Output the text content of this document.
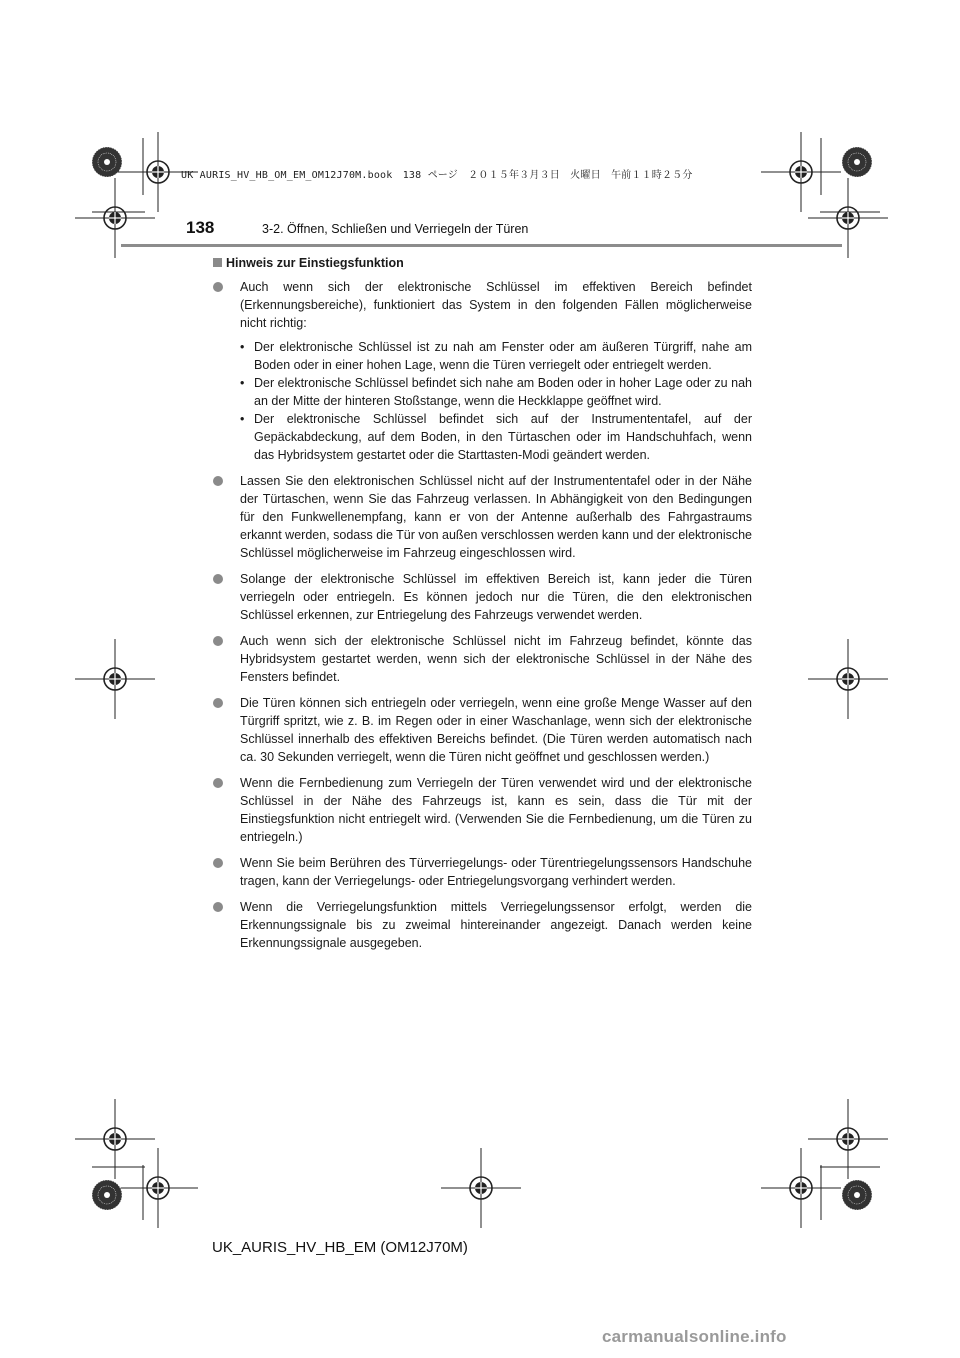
UK AURIS_HV_HB_OM_EM_OM12J70M.book　138 ページ　２０１５年３月３日　火曜日　午前１１時２５分
138	3-2. Öffnen, Schließen und Verriegeln der Türen
Hinweis zur Einstiegsfunktion
Auch wenn sich der elektronische Schlüssel im effektiven Bereich befindet (Erkennungsbereiche), funktioniert das System in den folgenden Fällen möglicherweise nicht richtig:
• Der elektronische Schlüssel ist zu nah am Fenster oder am äußeren Türgriff, nahe am Boden oder in einer hohen Lage, wenn die Türen verriegelt oder entriegelt werden.
• Der elektronische Schlüssel befindet sich nahe am Boden oder in hoher Lage oder zu nah an der Mitte der hinteren Stoßstange, wenn die Heckklappe geöffnet wird.
• Der elektronische Schlüssel befindet sich auf der Instrumententafel, auf der Gepäckabdeckung, auf dem Boden, in den Türtaschen oder im Handschuhfach, wenn das Hybridsystem gestartet oder die Starttasten-Modi geändert werden.
Lassen Sie den elektronischen Schlüssel nicht auf der Instrumententafel oder in der Nähe der Türtaschen, wenn Sie das Fahrzeug verlassen. In Abhängigkeit von den Bedingungen für den Funkwellenempfang, kann er von der Antenne außerhalb des Fahrgastraums erkannt werden, sodass die Tür von außen verschlossen werden kann und der elektronische Schlüssel möglicherweise im Fahrzeug eingeschlossen wird.
Solange der elektronische Schlüssel im effektiven Bereich ist, kann jeder die Türen verriegeln oder entriegeln. Es können jedoch nur die Türen, die den elektronischen Schlüssel erkennen, zur Entriegelung des Fahrzeugs verwendet werden.
Auch wenn sich der elektronische Schlüssel nicht im Fahrzeug befindet, könnte das Hybridsystem gestartet werden, wenn sich der elektronische Schlüssel in der Nähe des Fensters befindet.
Die Türen können sich entriegeln oder verriegeln, wenn eine große Menge Wasser auf den Türgriff spritzt, wie z. B. im Regen oder in einer Waschanlage, wenn sich der elektronische Schlüssel innerhalb des effektiven Bereichs befindet. (Die Türen werden automatisch nach ca. 30 Sekunden verriegelt, wenn die Türen nicht geöffnet und geschlossen werden.)
Wenn die Fernbedienung zum Verriegeln der Türen verwendet wird und der elektronische Schlüssel in der Nähe des Fahrzeugs ist, kann es sein, dass die Tür mit der Einstiegsfunktion nicht entriegelt wird. (Verwenden Sie die Fernbedienung, um die Türen zu entriegeln.)
Wenn Sie beim Berühren des Türverriegelungs- oder Türentriegelungssensors Handschuhe tragen, kann der Verriegelungs- oder Entriegelungsvorgang verhindert werden.
Wenn die Verriegelungsfunktion mittels Verriegelungssensor erfolgt, werden die Erkennungssignale bis zu zweimal hintereinander angezeigt. Danach werden keine Erkennungssignale ausgegeben.
UK_AURIS_HV_HB_EM (OM12J70M)
carmanualsonline.info
